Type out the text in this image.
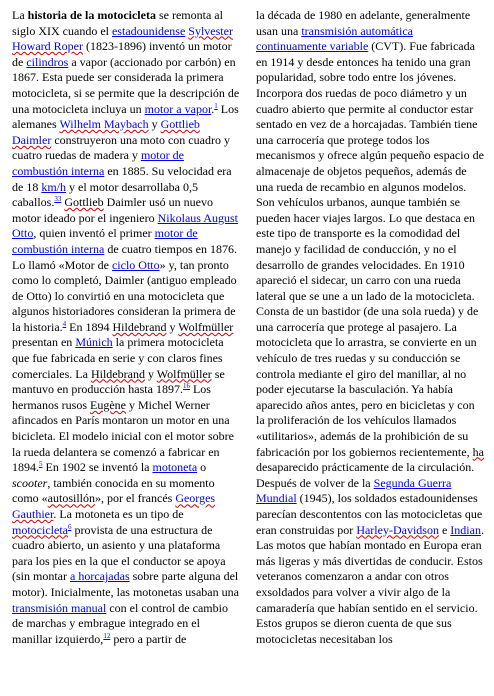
La historia de la motocicleta se remonta al siglo XIX cuando el estadounidense Sylvester Howard Roper (1823-1896) inventó un motor de cilindros a vapor (accionado por carbón) en 1867. Esta puede ser considerada la primera motocicleta, si se permite que la descripción de una motocicleta incluya un motor a vapor.$^1$ Los alemanes Wilhelm Maybach y Gottlieb Daimler construyeron una moto con cuadro y cuatro ruedas de madera y motor de combustión interna en 1885. Su velocidad era de 18 km/h y el motor desarrollaba 0,5 caballos.$^{33}$ Gottlieb Daimler usó un nuevo motor ideado por el ingeniero Nikolaus August Otto, quien inventó el primer motor de combustión interna de cuatro tiempos en 1876. Lo llamó «Motor de ciclo Otto» y, tan pronto como lo completó, Daimler (antiguo empleado de Otto) lo convirtió en una motocicleta que algunos historiadores consideran la primera de la historia.$^4$ En 1894 Hildebrand y Wolfmüller presentan en Múnich la primera motocicleta que fue fabricada en serie y con claros fines comerciales. La Hildebrand y Wolfmüller se mantuvo en producción hasta 1897.16 Los hermanos rusos Eugène y Michel Werner afincados en París montaron un motor en una bicicleta. El modelo inicial con el motor sobre la rueda delantera se comenzó a fabricar en 1894.$^5$ En 1902 se inventó la motoneta o scooter, también conocida en su momento como «autosillón», por el francés Georges Gauthier. La motoneta es un tipo de motocicleta$^6$ provista de una estructura de cuadro abierto, un asiento y una plataforma para los pies en la que el conductor se apoya (sin montar a horcajadas sobre parte alguna del motor). Inicialmente, las motonetas usaban una transmisión manual con el control de cambio de marchas y embrague integrado en el manillar izquierdo,$^{12}$ pero a partir de

la década de 1980 en adelante, generalmente usan una transmisión automática continuamente variable (CVT). Fue fabricada en 1914 y desde entonces ha tenido una gran popularidad, sobre todo entre los jóvenes. Incorpora dos ruedas de poco diámetro y un cuadro abierto que permite al conductor estar sentado en vez de a horcajadas. También tiene una carrocería que protege todos los mecanismos y ofrece algún pequeño espacio de almacenaje de objetos pequeños, además de una rueda de recambio en algunos modelos. Son vehículos urbanos, aunque también se pueden hacer viajes largos. Lo que destaca en este tipo de transporte es la comodidad del manejo y facilidad de conducción, y no el desarrollo de grandes velocidades. En 1910 apareció el sidecar, un carro con una rueda lateral que se une a un lado de la motocicleta. Consta de un bastidor (de una sola rueda) y de una carrocería que protege al pasajero. La motocicleta que lo arrastra, se convierte en un vehículo de tres ruedas y su conducción se controla mediante el giro del manillar, al no poder ejecutarse la basculación. Ya había aparecido años antes, pero en bicicletas y con la proliferación de los vehículos llamados «utilitarios», además de la prohibición de su fabricación por los gobiernos recientemente, ha desaparecido prácticamente de la circulación. Después de volver de la Segunda Guerra Mundial (1945), los soldados estadounidenses parecían descontentos con las motocicletas que eran construidas por Harley-Davidson e Indian. Las motos que habían montado en Europa eran más ligeras y más divertidas de conducir. Estos veteranos comenzaron a andar con otros exsoldados para volver a vivir algo de la camaradería que habían sentido en el servicio. Estos grupos se dieron cuenta de que sus motocicletas necesitaban los
